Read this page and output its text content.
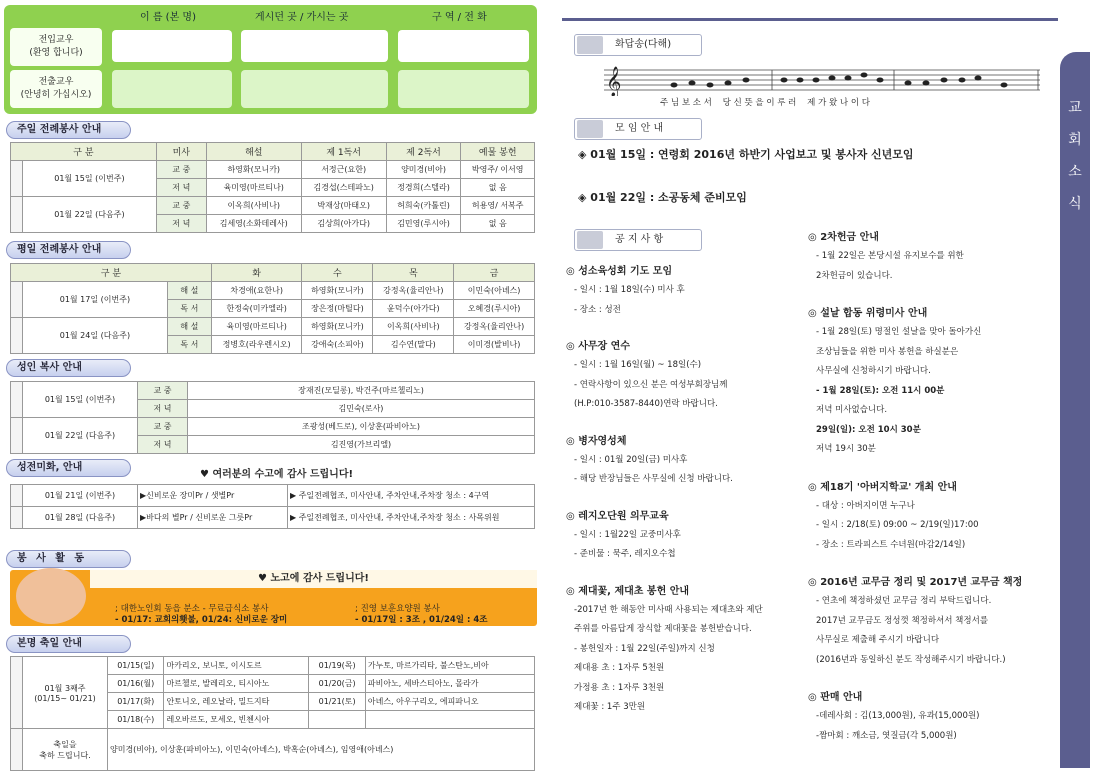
이 름 (본 명)	게시던 곳 / 가시는 곳	구 역 / 전 화
전입교우
(환영 합니다)
전출교우
(안녕히 가십시오)
주일 전례봉사 안내
구 분		미사	해설	제 1독서	제 2독서	예물 봉헌
	01월 15일 (이번주)	교 중	하영화(모니카)	서정근(요한)	양미경(비아)	박영주/ 이서영
		저 녁	육미영(마르티나)	김경섭(스테파노)	정경희(스텔라)	없 음
	01월 22일 (다음주)	교 중	이옥희(사비나)	박재상(마태오)	허희숙(카톨린)	허용영/ 서복주
		저 녁	김세영(소화데레사)	김상희(아가다)	김민영(루시아)	없 음
평일 전례봉사 안내
구 분			화	수	목	금
	01월 17일 (이번주)	해 설	차경애(요한나)	하영화(모니카)	강정옥(율리안나)	이민숙(아녜스)
		독 서	한정숙(미카엘라)	장은정(마틸다)	윤덕수(아가다)	오혜경(루시아)
	01월 24일 (다음주)	해 설	육미영(마르티나)	하영화(모니카)	이옥희(사비나)	강정옥(율리안나)
		독 서	정병호(라우렌시오)	강애숙(소피아)	김수연(말다)	이미경(발비나)
성인 복사 안내
	01월 15일 (이번주)	교 중	장재진(모딜롱), 박건주(마르첼리노)
		저 녁	김민숙(로사)
	01월 22일 (다음주)	교 중	조광성(베드로), 이상훈(파비아노)
		저 녁	김진영(가브리엘)
성전미화, 안내
♥ 여러분의 수고에 감사 드립니다!
	01월 21일 (이번주)	▶신비로운 장미Pr / 샛별Pr	▶ 주일전례협조, 미사안내, 주차안내,주차장 청소 : 4구역
	01월 28일 (다음주)	▶바다의 별Pr / 신비로운 그릇Pr	▶ 주일전례협조, 미사안내, 주차안내,주차장 청소 : 사목위원
봉 사 활 동
♥ 노고에 감사 드립니다!
; 대한노인회 동읍 분소 - 무료급식소 봉사
- 01/17: 교회의횃불, 01/24: 신비로운 장미
; 진영 보훈요양원 봉사
- 01/17일 : 3조 , 01/24일 : 4조
본명 축일 안내
	01월 3째주
(01/15~ 01/21)	01/15(일)	마카리오, 보니토, 이시도르	01/19(목)	가누토, 마르가리타, 불스탄노,비아
		01/16(월)	마르첼로, 발레리오, 티시아노	01/20(금)	파비아노, 세바스티아노, 몰라가
		01/17(화)	안토니오, 레오날라, 밀드지타	01/21(토)	아녜스, 아우구리오, 에피파니오
		01/18(수)	레오바르도, 모세오, 빈첸시아		
	축일을
축하 드립니다.	양미경(비아), 이상훈(파비아노), 이민숙(아녜스), 박혹순(아녜스), 임영애(아녜스)			
화답송(다해)
𝄞
주 님 보 소 서    당 신 뜻 을 이 루 러    제 가 왔 나 이 다
모 임 안 내
◈ 01월 15일 : 연령회 2016년 하반기 사업보고 및 봉사자 신년모임
◈ 01월 22일 : 소공동체 준비모임
공 지 사 항
◎ 성소육성회 기도 모임
- 일시 : 1월 18일(수) 미사 후
- 장소 : 성전
◎ 사무장 연수
- 일시 : 1월 16일(월) ~ 18일(수)
- 연락사항이 있으신 분은 여성부회장님께
(H.P:010-3587-8440)연락 바랍니다.
◎ 병자영성체
- 일시 : 01월 20일(금) 미사후
- 해당 반장님들은 사무실에 신청 바랍니다.
◎ 레지오단원 의무교육
- 일시 : 1월22일 교중미사후
- 준비물 : 묵주, 레지오수첩
◎ 제대꽃, 제대초 봉헌 안내
-2017년 한 해동안 미사때 사용되는 제대초와 제단
주위를 아름답게 장식할 제대꽃을 봉헌받습니다.
- 봉헌일자 : 1월 22일(주일)까지 신청
제대용 초 : 1자루 5천원
가정용 초 : 1자루 3천원
제대꽃 : 1주 3만원
◎ 2차헌금 안내
- 1월 22일은 본당시설 유지보수를 위한
2차헌금이 있습니다.
◎ 설날 합동 위령미사 안내
- 1월 28일(토) 명절인 설날을 맞아 돌아가신
조상님들을 위한 미사 봉헌을 하실분은
사무실에 신청하시기 바랍니다.
- 1월 28일(토): 오전 11시 00분
저녁 미사없습니다.
29일(일): 오전 10시 30분
저녁 19시 30분
◎ 제18기 '아버지학교' 개최 안내
- 대상 : 아버지이면 누구나
- 일시 : 2/18(토) 09:00 ~ 2/19(일)17:00
- 장소 : 트라피스트 수녀원(마감2/14일)
◎ 2016년 교무금 정리 및 2017년 교무금 책정
- 연초에 책정하셨던 교무금 정리 부탁드립니다.
2017년 교무금도 정성껏 책정하셔서 책정서를
사무실로 제출해 주시기 바랍니다
(2016년과 동일하신 분도 작성해주시기 바랍니다.)
◎ 판매 안내
-데레사회 : 김(13,000원), 유과(15,000원)
-짬마회 : 깨소금, 엿질금(각 5,000원)
교
회
소
식
